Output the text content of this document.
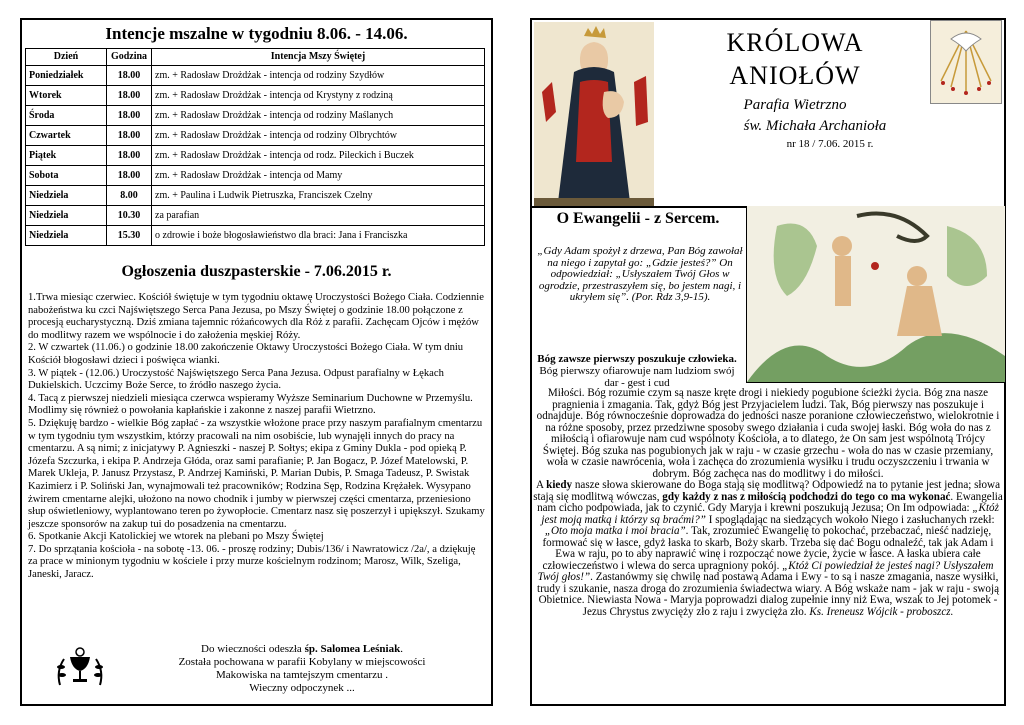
Intencje mszalne w tygodniu 8.06. - 14.06.
Dzień	Godzina	Intencja Mszy Świętej
Poniedziałek	18.00	zm. + Radosław Drożdżak - intencja od rodziny Szydłów
Wtorek	18.00	zm. + Radosław Drożdżak - intencja od Krystyny z rodziną
Środa	18.00	zm. + Radosław Drożdżak - intencja od rodziny Maślanych
Czwartek	18.00	zm. + Radosław Drożdżak - intencja od rodziny Olbrychtów
Piątek	18.00	zm. + Radosław Drożdżak - intencja od rodz. Pileckich i Buczek
Sobota	18.00	zm. + Radosław Drożdżak - intencja od Mamy
Niedziela	8.00	zm. + Paulina i Ludwik Pietruszka, Franciszek Czelny
Niedziela	10.30	za parafian
Niedziela	15.30	o zdrowie i boże błogosławieństwo dla braci: Jana i Franciszka
Ogłoszenia duszpasterskie - 7.06.2015 r.

1.Trwa miesiąc czerwiec. Kościół świętuje w tym tygodniu oktawę Uroczystości Bożego Ciała. Codziennie nabożeństwa ku czci Najświętszego Serca Pana Jezusa, po Mszy Świętej o godzinie 18.00 połączone z procesją eucharystyczną. Dziś zmiana tajemnic różańcowych dla Róż z parafii. Zachęcam Ojców i mężów do modlitwy razem we wspólnocie i do założenia męskiej Róży.

2. W czwartek (11.06.) o godzinie 18.00 zakończenie Oktawy Uroczystości Bożego Ciała. W tym dniu Kościół błogosławi dzieci i poświęca wianki.

3. W piątek - (12.06.) Uroczystość Najświętszego Serca Pana Jezusa. Odpust parafialny w Łękach Dukielskich. Uczcimy Boże Serce, to źródło naszego życia.

4. Tacą z pierwszej niedzieli miesiąca czerwca wspieramy Wyższe Seminarium Duchowne w Przemyślu. Modlimy się również o powołania kapłańskie i zakonne z naszej parafii Wietrzno.

5. Dziękuję bardzo - wielkie Bóg zapłać - za wszystkie włożone prace przy naszym parafialnym cmentarzu w tym tygodniu tym wszystkim, którzy pracowali na nim osobiście, lub wynajęli innych do pracy na cmentarzu. A są nimi; z inicjatywy P. Agnieszki - naszej P. Sołtys; ekipa z Gminy Dukla - pod opieką P. Józefa Szczurka, i ekipa P. Andrzeja Głóda, oraz sami parafianie; P. Jan Bogacz, P. Józef Matelowski, P. Marek Ukleja, P. Janusz Przystasz, P. Andrzej Kamiński, P. Marian Dubis, P. Smaga Tadeusz, P. Swistak Kazimierz i P. Soliński Jan, wynajmowali też pracowników; Rodzina Sęp, Rodzina Krężałek. Wysypano żwirem cmentarne alejki, ułożono na nowo chodnik i jumby w pierwszej części cmentarza, przeniesiono słup oświetleniowy, wyplantowano teren po żywopłocie. Cmentarz nasz się poszerzył i upiększył. Szukamy jeszcze sponsorów na zakup tui do posadzenia na cmentarzu.

6. Spotkanie Akcji Katolickiej we wtorek na plebani po Mszy Świętej

7. Do sprzątania kościoła - na sobotę -13. 06. - proszę rodziny; Dubis/136/ i Nawratowicz /2a/, a dziękuję za prace w minionym tygodniu w kościele i przy murze kościelnym rodzinom; Marosz, Wilk, Szeliga, Janeski, Jaracz.

Do wieczności odeszła śp. Salomea Leśniak.
Została pochowana w parafii Kobylany w miejscowości
Makowiska na tamtejszym cmentarzu .
Wieczny odpoczynek ...
KRÓLOWA
ANIOŁÓW
Parafia Wietrzno
św. Michała Archanioła
nr 18 / 7.06. 2015 r.
O Ewangelii - z Sercem.
„Gdy Adam spożył z drzewa, Pan Bóg zawołał na niego i zapytał go: „Gdzie jesteś?” On odpowiedział: „Usłyszałem Twój Głos w ogrodzie, przestraszyłem się, bo jestem nagi, i ukryłem się”. (Por. Rdz 3,9-15).
Bóg zawsze pierwszy poszukuje człowieka. Bóg pierwszy ofiarowuje nam ludziom swój dar - gest i cud

Miłości. Bóg rozumie czym są nasze kręte drogi i niekiedy pogubione ścieżki życia. Bóg zna nasze pragnienia i zmagania. Tak, gdyż Bóg jest Przyjacielem ludzi. Tak, Bóg pierwszy nas poszukuje i odnajduje. Bóg równocześnie doprowadza do jedności nasze poranione człowieczeństwo, wielokrotnie i na różne sposoby, przez przedziwne sposoby swego działania i cuda swojej łaski. Bóg woła do nas z miłością i ofiarowuje nam cud wspólnoty Kościoła, a to dlatego, że On sam jest wspólnotą Trójcy Świętej. Bóg szuka nas pogubionych jak w raju - w czasie grzechu - woła do nas w czasie przemiany, woła w czasie nawrócenia, woła i zachęca do zrozumienia wysiłku i trudu oczyszczeniu i trwania w dobrym. Bóg zachęca nas do modlitwy i do miłości.

A kiedy nasze słowa skierowane do Boga stają się modlitwą? Odpowiedź na to pytanie jest jedna; słowa stają się modlitwą wówczas, gdy każdy z nas z miłością podchodzi do tego co ma wykonać. Ewangelia nam cicho podpowiada, jak to czynić. Gdy Maryja i krewni poszukują Jezusa; On Im odpowiada: „Któż jest moją matką i którzy są braćmi?” I spoglądając na siedzących wokoło Niego i zasłuchanych rzekł: „Oto moja matka i moi bracia”. Tak, zrozumieć Ewangelię to pokochać, przebaczać, nieść nadzieję, formować się w łasce, gdyż łaska to skarb, Boży skarb. Trzeba się dać Bogu odnaleźć, tak jak Adam i Ewa w raju, po to aby naprawić winę i rozpocząć nowe życie, życie w łasce. A łaska ubiera całe człowieczeństwo i wlewa do serca upragniony pokój. „Któż Ci powiedział że jesteś nagi? Usłyszałem Twój głos!”. Zastanówmy się chwilę nad postawą Adama i Ewy - to są i nasze zmagania, nasze wysiłki, trudy i szukanie, nasza droga do zrozumienia świadectwa wiary. A Bóg wskaże nam - jak w raju - swoją Obietnice. Niewiasta Nowa - Maryja poprowadzi dialog zupełnie inny niż Ewa, wszak to Jej potomek - Jezus Chrystus zwycięży zło z raju i zwycięża zło. Ks. Ireneusz Wójcik - proboszcz.
